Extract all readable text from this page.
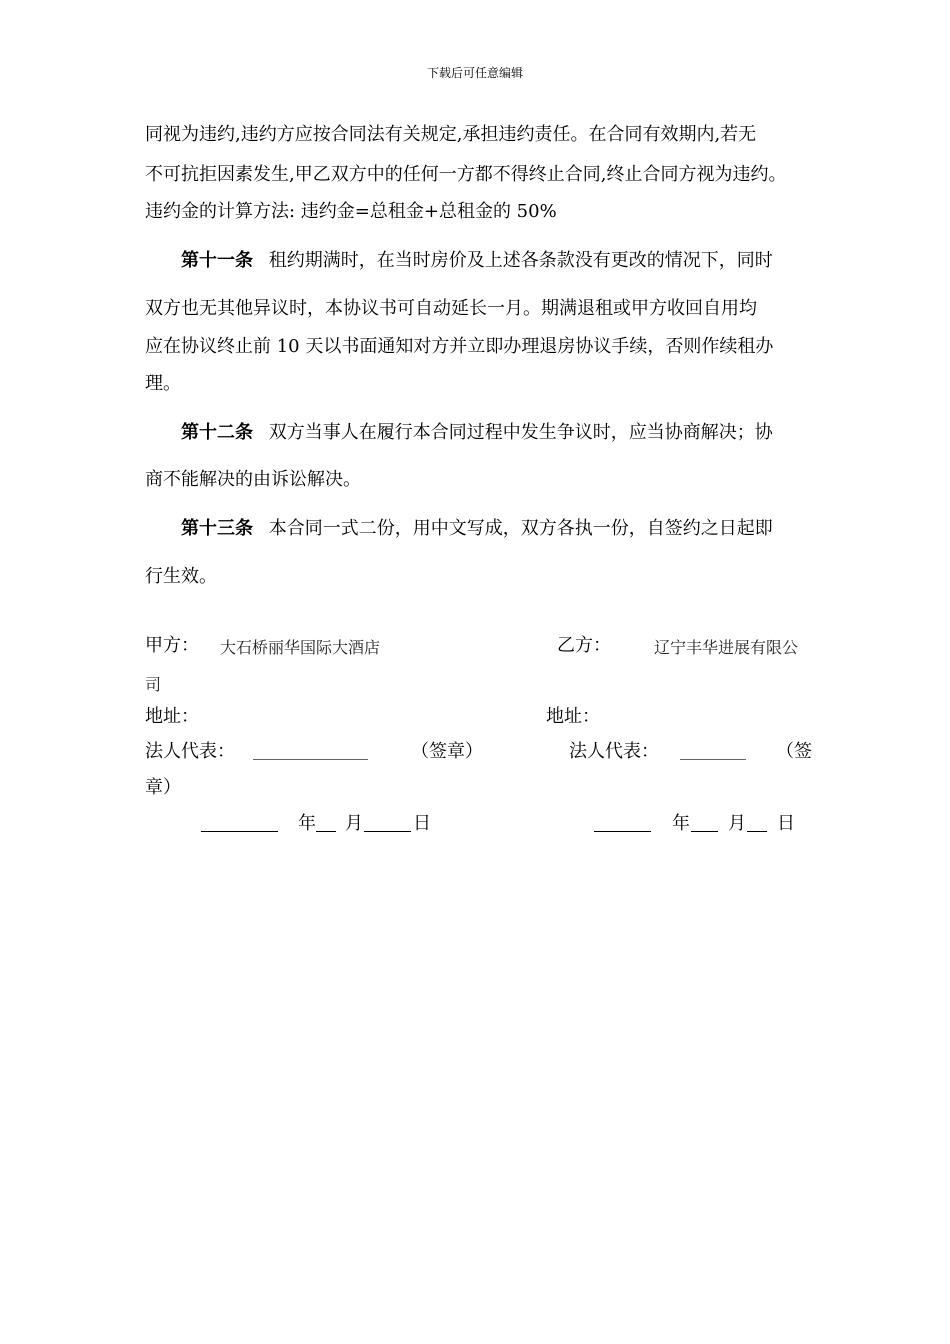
下载后可任意编辑
同视为违约,违约方应按合同法有关规定,承担违约责任。在合同有效期内,若无
不可抗拒因素发生,甲乙双方中的任何一方都不得终止合同,终止合同方视为违约。
违约金的计算方法: 违约金=总租金+总租金的 50%
第十一条 租约期满时，在当时房价及上述各条款没有更改的情况下，同时
双方也无其他异议时，本协议书可自动延长一月。期满退租或甲方收回自用均
应在协议终止前 10 天以书面通知对方并立即办理退房协议手续，否则作续租办
理。
第十二条 双方当事人在履行本合同过程中发生争议时，应当协商解决；协
商不能解决的由诉讼解决。
第十三条 本合同一式二份，用中文写成，双方各执一份，自签约之日起即
行生效。
甲方： 大石桥丽华国际大酒店	乙方：	辽宁丰华进展有限公
司
地址：	地址：
法人代表：	（签章）	法人代表：	（签
章）
年 月	日	年 月 日
